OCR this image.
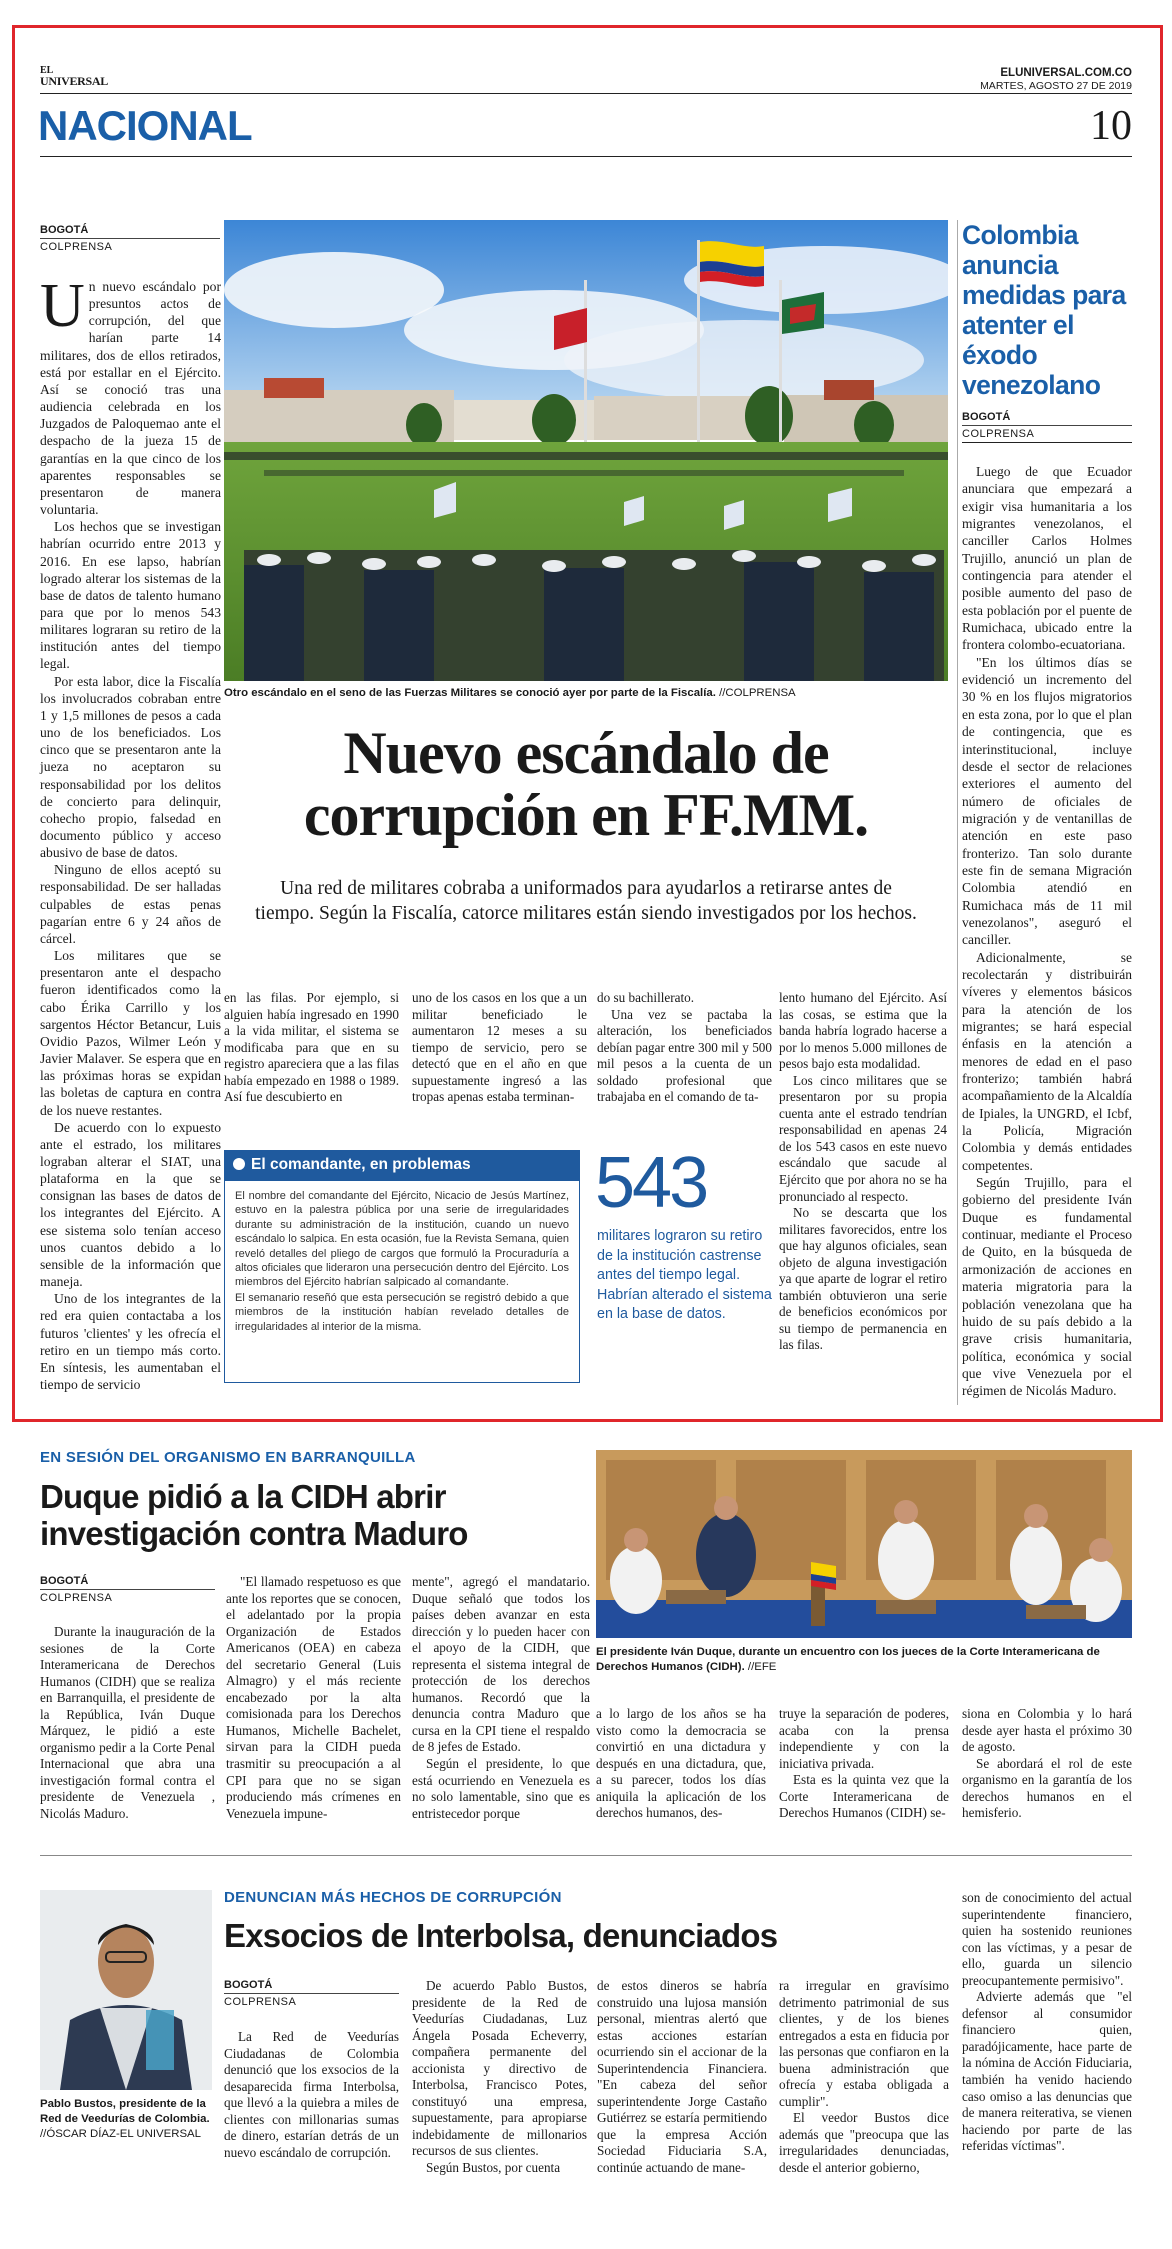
EL
UNIVERSAL
ELUNIVERSAL.COM.CO
MARTES, AGOSTO 27 DE 2019
NACIONAL	10
BOGOTÁ
COLPRENSA

Un nuevo escándalo por presuntos actos de corrupción, del que harían parte 14 militares, dos de ellos retirados, está por estallar en el Ejército. Así se conoció tras una audiencia celebrada en los Juzgados de Paloquemao ante el despacho de la jueza 15 de garantías en la que cinco de los aparentes responsables se presentaron de manera voluntaria.

Los hechos que se investigan habrían ocurrido entre 2013 y 2016. En ese lapso, habrían logrado alterar los sistemas de la base de datos de talento humano para que por lo menos 543 militares lograran su retiro de la institución antes del tiempo legal.

Por esta labor, dice la Fiscalía los involucrados cobraban entre 1 y 1,5 millones de pesos a cada uno de los beneficiados. Los cinco que se presentaron ante la jueza no aceptaron su responsabilidad por los delitos de concierto para delinquir, cohecho propio, falsedad en documento público y acceso abusivo de base de datos.

Ninguno de ellos aceptó su responsabilidad. De ser halladas culpables de estas penas pagarían entre 6 y 24 años de cárcel.

Los militares que se presentaron ante el despacho fueron identificados como la cabo Érika Carrillo y los sargentos Héctor Betancur, Luis Ovidio Pazos, Wilmer León y Javier Malaver. Se espera que en las próximas horas se expidan las boletas de captura en contra de los nueve restantes.

De acuerdo con lo expuesto ante el estrado, los militares lograban alterar el SIAT, una plataforma en la que se consignan las bases de datos de los integrantes del Ejército. A ese sistema solo tenían acceso unos cuantos debido a lo sensible de la información que maneja.

Uno de los integrantes de la red era quien contactaba a los futuros 'clientes' y les ofrecía el retiro en un tiempo más corto. En síntesis, les aumentaban el tiempo de servicio

Otro escándalo en el seno de las Fuerzas Militares se conoció ayer por parte de la Fiscalía. //COLPRENSA
Nuevo escándalo de
corrupción en FF.MM.
Una red de militares cobraba a uniformados para ayudarlos a retirarse antes de
tiempo. Según la Fiscalía, catorce militares están siendo investigados por los hechos.
en las filas. Por ejemplo, si alguien había ingresado en 1990 a la vida militar, el sistema se modificaba para que en su registro apareciera que a las filas había empezado en 1988 o 1989. Así fue descubierto en
uno de los casos en los que a un militar beneficiado le aumentaron 12 meses a su tiempo de servicio, pero se detectó que en el año en que supuestamente ingresó a las tropas apenas estaba terminan-

do su bachillerato.

Una vez se pactaba la alteración, los beneficiados debían pagar entre 300 mil y 500 mil pesos a la cuenta de un soldado profesional que trabajaba en el comando de ta-

lento humano del Ejército. Así las cosas, se estima que la banda habría logrado hacerse a por lo menos 5.000 millones de pesos bajo esta modalidad.

Los cinco militares que se presentaron por su propia cuenta ante el estrado tendrían responsabilidad en apenas 24 de los 543 casos en este nuevo escándalo que sacude al Ejército que por ahora no se ha pronunciado al respecto.

No se descarta que los militares favorecidos, entre los que hay algunos oficiales, sean objeto de alguna investigación ya que aparte de lograr el retiro también obtuvieron una serie de beneficios económicos por su tiempo de permanencia en las filas.

El comandante, en problemas

El nombre del comandante del Ejército, Nicacio de Jesús Martínez, estuvo en la palestra pública por una serie de irregularidades durante su administración de la institución, cuando un nuevo escándalo lo salpica. En esta ocasión, fue la Revista Semana, quien reveló detalles del pliego de cargos que formuló la Procuraduría a altos oficiales que lideraron una persecución dentro del Ejército. Los miembros del Ejército habrían salpicado al comandante.

El semanario reseñó que esta persecución se registró debido a que miembros de la institución habían revelado detalles de irregularidades al interior de la misma.

543
militares lograron su retiro de la institución castrense antes del tiempo legal. Habrían alterado el sistema en la base de datos.
Colombia anuncia medidas para atenter el éxodo venezolano
BOGOTÁ
COLPRENSA

Luego de que Ecuador anunciara que empezará a exigir visa humanitaria a los migrantes venezolanos, el canciller Carlos Holmes Trujillo, anunció un plan de contingencia para atender el posible aumento del paso de esta población por el puente de Rumichaca, ubicado entre la frontera colombo-ecuatoriana.

"En los últimos días se evidenció un incremento del 30 % en los flujos migratorios en esta zona, por lo que el plan de contingencia, que es interinstitucional, incluye desde el sector de relaciones exteriores el aumento del número de oficiales de migración y de ventanillas de atención en este paso fronterizo. Tan solo durante este fin de semana Migración Colombia atendió en Rumichaca más de 11 mil venezolanos", aseguró el canciller.

Adicionalmente, se recolectarán y distribuirán víveres y elementos básicos para la atención de los migrantes; se hará especial énfasis en la atención a menores de edad en el paso fronterizo; también habrá acompañamiento de la Alcaldía de Ipiales, la UNGRD, el Icbf, la Policía, Migración Colombia y demás entidades competentes.

Según Trujillo, para el gobierno del presidente Iván Duque es fundamental continuar, mediante el Proceso de Quito, en la búsqueda de armonización de acciones en materia migratoria para la población venezolana que ha huido de su país debido a la grave crisis humanitaria, política, económica y social que vive Venezuela por el régimen de Nicolás Maduro.

EN SESIÓN DEL ORGANISMO EN BARRANQUILLA
Duque pidió a la CIDH abrir
investigación contra Maduro
BOGOTÁ
COLPRENSA

Durante la inauguración de la sesiones de la Corte Interamericana de Derechos Humanos (CIDH) que se realiza en Barranquilla, el presidente de la República, Iván Duque Márquez, le pidió a este organismo pedir a la Corte Penal Internacional que abra una investigación formal contra el presidente de Venezuela , Nicolás Maduro.

"El llamado respetuoso es que ante los reportes que se conocen, el adelantado por la propia Organización de Estados Americanos (OEA) en cabeza del secretario General (Luis Almagro) y el más reciente encabezado por la alta comisionada para los Derechos Humanos, Michelle Bachelet, sirvan para la CIDH pueda trasmitir su preocupación a al CPI para que no se sigan produciendo más crímenes en Venezuela impune-

mente", agregó el mandatario. Duque señaló que todos los países deben avanzar en esta dirección y lo pueden hacer con el apoyo de la CIDH, que representa el sistema integral de protección de los derechos humanos. Recordó que la denuncia contra Maduro que cursa en la CPI tiene el respaldo de 8 jefes de Estado.

Según el presidente, lo que está ocurriendo en Venezuela es no solo lamentable, sino que es entristecedor porque

El presidente Iván Duque, durante un encuentro con los jueces de la Corte Interamericana de Derechos Humanos (CIDH). //EFE

a lo largo de los años se ha visto como la democracia se convirtió en una dictadura y después en una dictadura, que, a su parecer, todos los días aniquila la aplicación de los derechos humanos, des-

truye la separación de poderes, acaba con la prensa independiente y con la iniciativa privada.

Esta es la quinta vez que la Corte Interamericana de Derechos Humanos (CIDH) se-

siona en Colombia y lo hará desde ayer hasta el próximo 30 de agosto.

Se abordará el rol de este organismo en la garantía de los derechos humanos en el hemisferio.

Pablo Bustos, presidente de la Red de Veedurías de Colombia.
//ÓSCAR DÍAZ-EL UNIVERSAL
DENUNCIAN MÁS HECHOS DE CORRUPCIÓN
Exsocios de Interbolsa, denunciados
BOGOTÁ
COLPRENSA

La Red de Veedurías Ciudadanas de Colombia denunció que los exsocios de la desaparecida firma Interbolsa, que llevó a la quiebra a miles de clientes con millonarias sumas de dinero, estarían detrás de un nuevo escándalo de corrupción.

De acuerdo Pablo Bustos, presidente de la Red de Veedurías Ciudadanas, Luz Ángela Posada Echeverry, compañera permanente del accionista y directivo de Interbolsa, Francisco Potes, constituyó una empresa, supuestamente, para apropiarse indebidamente de millonarios recursos de sus clientes.

Según Bustos, por cuenta

de estos dineros se habría construido una lujosa mansión personal, mientras alertó que estas acciones estarían ocurriendo sin el accionar de la Superintendencia Financiera. "En cabeza del señor superintendente Jorge Castaño Gutiérrez se estaría permitiendo que la empresa Acción Sociedad Fiduciaria S.A, continúe actuando de mane-

ra irregular en gravísimo detrimento patrimonial de sus clientes, y de los bienes entregados a esta en fiducia por las personas que confiaron en la buena administración que ofrecía y estaba obligada a cumplir".

El veedor Bustos dice además que "preocupa que las irregularidades denunciadas, desde el anterior gobierno,

son de conocimiento del actual superintendente financiero, quien ha sostenido reuniones con las víctimas, y a pesar de ello, guarda un silencio preocupantemente permisivo".

Advierte además que "el defensor al consumidor financiero quien, paradójicamente, hace parte de la nómina de Acción Fiduciaria, también ha venido haciendo caso omiso a las denuncias que de manera reiterativa, se vienen haciendo por parte de las referidas víctimas".
